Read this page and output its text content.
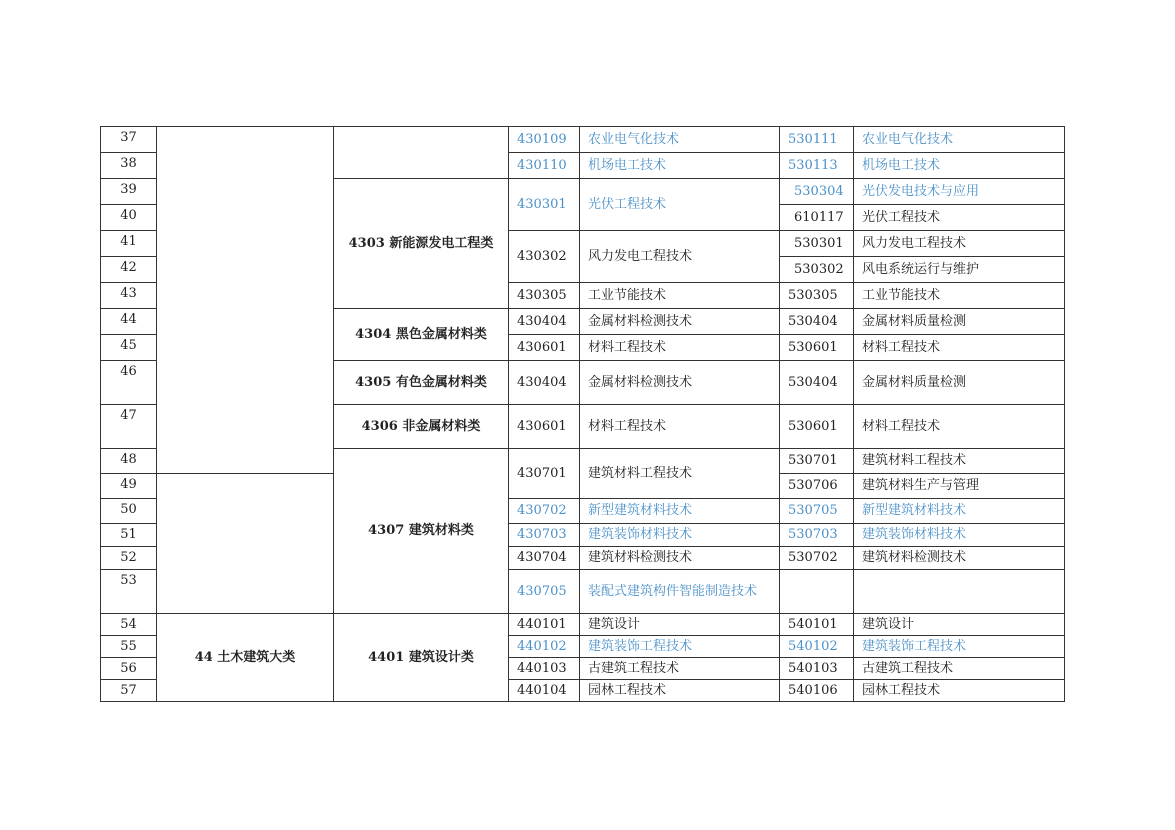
37			430109	农业电气化技术	530111	农业电气化技术
38			430110	机场电工技术	530113	机场电工技术
39		4303 新能源发电工程类	430301	光伏工程技术	530304	光伏发电技术与应用
40					610117	光伏工程技术
41			430302	风力发电工程技术	530301	风力发电工程技术
42					530302	风电系统运行与维护
43			430305	工业节能技术	530305	工业节能技术
44		4304 黑色金属材料类	430404	金属材料检测技术	530404	金属材料质量检测
45			430601	材料工程技术	530601	材料工程技术
46		4305 有色金属材料类	430404	金属材料检测技术	530404	金属材料质量检测
47		4306 非金属材料类	430601	材料工程技术	530601	材料工程技术
48		4307 建筑材料类	430701	建筑材料工程技术	530701	建筑材料工程技术
49					530706	建筑材料生产与管理
50			430702	新型建筑材料技术	530705	新型建筑材料技术
51			430703	建筑装饰材料技术	530703	建筑装饰材料技术
52			430704	建筑材料检测技术	530702	建筑材料检测技术
53			430705	装配式建筑构件智能制造技术		
54	44 土木建筑大类	4401 建筑设计类	440101	建筑设计	540101	建筑设计
55			440102	建筑装饰工程技术	540102	建筑装饰工程技术
56			440103	古建筑工程技术	540103	古建筑工程技术
57			440104	园林工程技术	540106	园林工程技术
